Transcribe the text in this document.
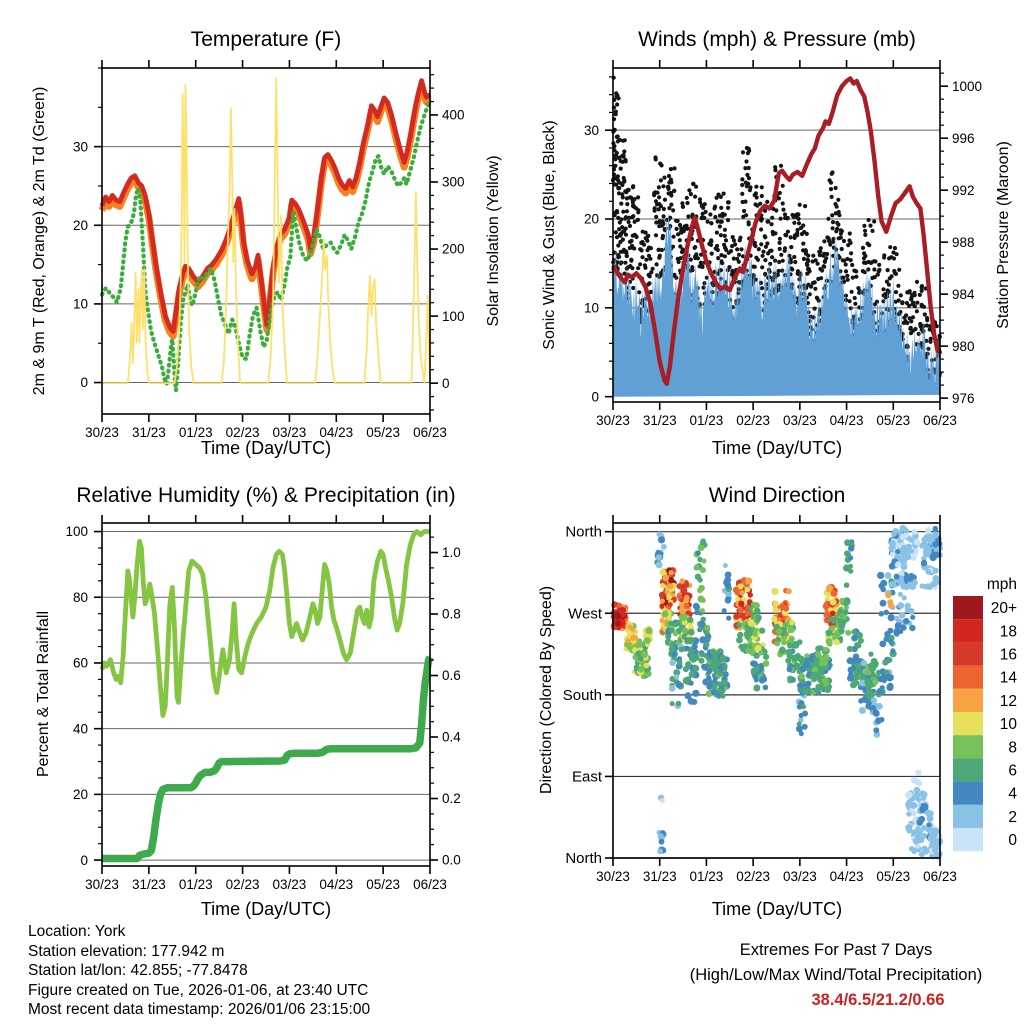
30/23 31/23 01/23 02/23 03/23 04/23 05/23 06/23
0
10
20
30
0
100
200
300
400
30/23 31/23 01/23 02/23 03/23 04/23 05/23 06/23
0
10
20
30
976
980
984
988
992
996
1000
30/23 31/23 01/23 02/23 03/23 04/23 05/23 06/23
0
20
40
60
80
100
0.0
0.2
0.4
0.6
0.8
1.0
30/23 31/23 01/23 02/23 03/23 04/23 05/23 06/23
North
West
South
East
North
mph
20+
18
16
14
12
10
8
6
4
2
0
Temperature (F)	Winds (mph) & Pressure (mb)
Relative Humidity (%) & Precipitation (in)	Wind Direction
Time (Day/UTC)	Time (Day/UTC)
Time (Day/UTC)	Time (Day/UTC)
2m & 9m T (Red, Orange) & 2m Td (Green)	Solar Insolation (Yellow) Sonic Wind & Gust (Blue, Black)	Station Pressure (Maroon)
Percent & Total Rainfall	Direction (Colored By Speed)
Location: York
Station elevation: 177.942 m
Station lat/lon: 42.855; -77.8478
Figure created on Tue, 2026-01-06, at 23:40 UTC
Most recent data timestamp: 2026/01/06 23:15:00
Extremes For Past 7 Days
(High/Low/Max Wind/Total Precipitation)
38.4/6.5/21.2/0.66
